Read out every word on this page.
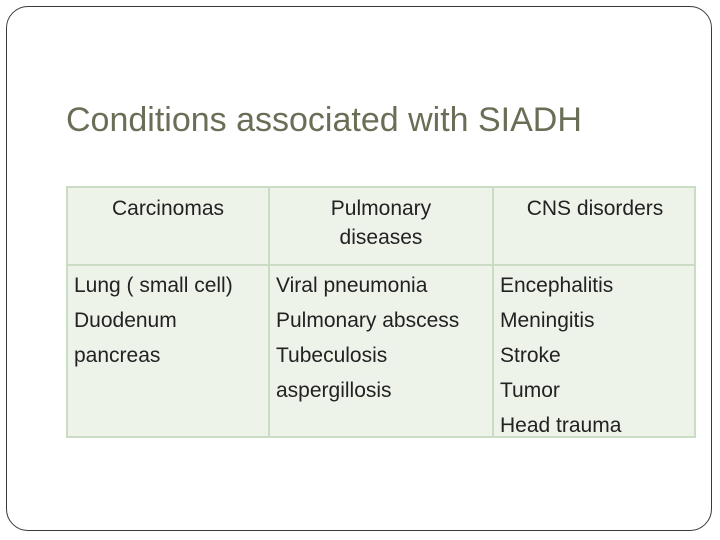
Conditions associated with SIADH
Carcinomas	Pulmonary
diseases
CNS disorders
Lung ( small cell)
Duodenum
pancreas
Viral pneumonia
Pulmonary abscess
Tubeculosis
aspergillosis
Encephalitis
Meningitis
Stroke
Tumor
Head trauma
